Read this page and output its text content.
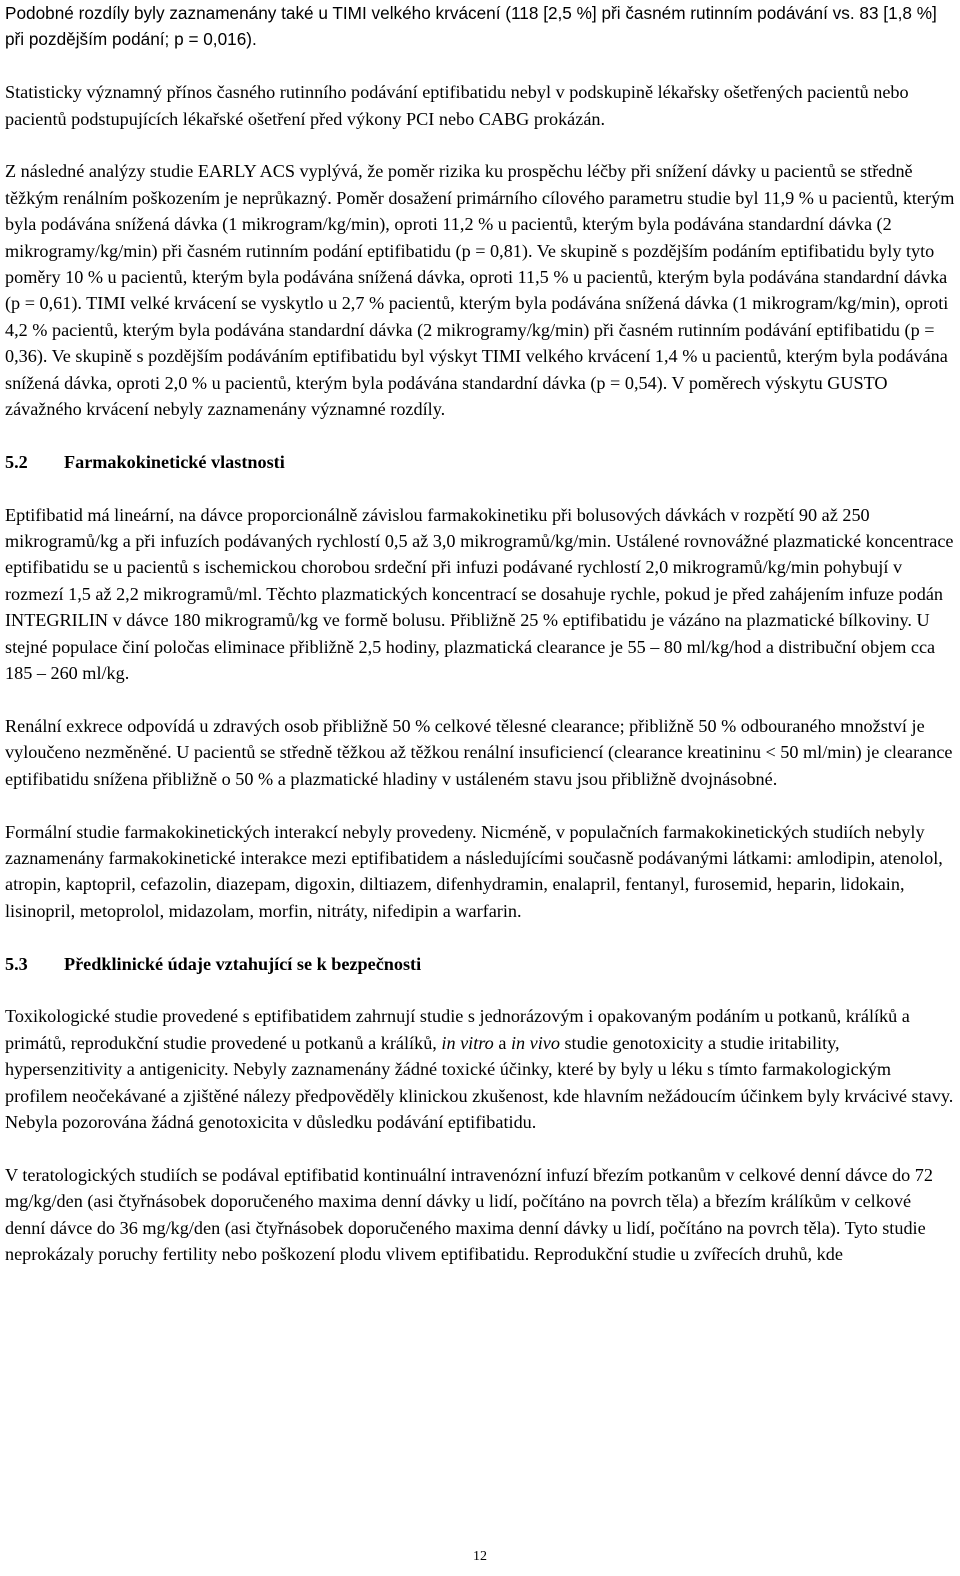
Podobné rozdíly byly zaznamenány také u TIMI velkého krvácení (118 [2,5 %] při časném rutinním podávání vs. 83 [1,8 %] při pozdějším podání; p = 0,016).

Statisticky významný přínos časného rutinního podávání eptifibatidu nebyl v podskupině lékařsky ošetřených pacientů nebo pacientů podstupujících lékařské ošetření před výkony PCI nebo CABG prokázán.

Z následné analýzy studie EARLY ACS vyplývá, že poměr rizika ku prospěchu léčby při snížení dávky u pacientů se středně těžkým renálním poškozením je neprůkazný. Poměr dosažení primárního cílového parametru studie byl 11,9 % u pacientů, kterým byla podávána snížená dávka (1 mikrogram/kg/min), oproti 11,2 % u pacientů, kterým byla podávána standardní dávka (2 mikrogramy/kg/min) při časném rutinním podání eptifibatidu (p = 0,81). Ve skupině s pozdějším podáním eptifibatidu byly tyto poměry 10 % u pacientů, kterým byla podávána snížená dávka, oproti 11,5 % u pacientů, kterým byla podávána standardní dávka (p = 0,61). TIMI velké krvácení se vyskytlo u 2,7 % pacientů, kterým byla podávána snížená dávka (1 mikrogram/kg/min), oproti 4,2 % pacientů, kterým byla podávána standardní dávka (2 mikrogramy/kg/min) při časném rutinním podávání eptifibatidu (p = 0,36). Ve skupině s pozdějším podáváním eptifibatidu byl výskyt TIMI velkého krvácení 1,4 % u pacientů, kterým byla podávána snížená dávka, oproti 2,0 % u pacientů, kterým byla podávána standardní dávka (p = 0,54). V poměrech výskytu GUSTO závažného krvácení nebyly zaznamenány významné rozdíly.

5.2 Farmakokinetické vlastnosti

Eptifibatid má lineární, na dávce proporcionálně závislou farmakokinetiku při bolusových dávkách v rozpětí 90 až 250 mikrogramů/kg a při infuzích podávaných rychlostí 0,5 až 3,0 mikrogramů/kg/min. Ustálené rovnovážné plazmatické koncentrace eptifibatidu se u pacientů s ischemickou chorobou srdeční při infuzi podávané rychlostí 2,0 mikrogramů/kg/min pohybují v rozmezí 1,5 až 2,2 mikrogramů/ml. Těchto plazmatických koncentrací se dosahuje rychle, pokud je před zahájením infuze podán INTEGRILIN v dávce 180 mikrogramů/kg ve formě bolusu. Přibližně 25 % eptifibatidu je vázáno na plazmatické bílkoviny. U stejné populace činí poločas eliminace přibližně 2,5 hodiny, plazmatická clearance je 55 – 80 ml/kg/hod a distribuční objem cca 185 – 260 ml/kg.

Renální exkrece odpovídá u zdravých osob přibližně 50 % celkové tělesné clearance; přibližně 50 % odbouraného množství je vyloučeno nezměněné. U pacientů se středně těžkou až těžkou renální insuficiencí (clearance kreatininu < 50 ml/min) je clearance eptifibatidu snížena přibližně o 50 % a plazmatické hladiny v ustáleném stavu jsou přibližně dvojnásobné.

Formální studie farmakokinetických interakcí nebyly provedeny. Nicméně, v populačních farmakokinetických studiích nebyly zaznamenány farmakokinetické interakce mezi eptifibatidem a následujícími současně podávanými látkami: amlodipin, atenolol, atropin, kaptopril, cefazolin, diazepam, digoxin, diltiazem, difenhydramin, enalapril, fentanyl, furosemid, heparin, lidokain, lisinopril, metoprolol, midazolam, morfin, nitráty, nifedipin a warfarin.

5.3 Předklinické údaje vztahující se k bezpečnosti

Toxikologické studie provedené s eptifibatidem zahrnují studie s jednorázovým i opakovaným podáním u potkanů, králíků a primátů, reprodukční studie provedené u potkanů a králíků, in vitro a in vivo studie genotoxicity a studie iritability, hypersenzitivity a antigenicity. Nebyly zaznamenány žádné toxické účinky, které by byly u léku s tímto farmakologickým profilem neočekávané a zjištěné nálezy předpověděly klinickou zkušenost, kde hlavním nežádoucím účinkem byly krvácivé stavy. Nebyla pozorována žádná genotoxicita v důsledku podávání eptifibatidu.

V teratologických studiích se podával eptifibatid kontinuální intravenózní infuzí březím potkanům v celkové denní dávce do 72 mg/kg/den (asi čtyřnásobek doporučeného maxima denní dávky u lidí, počítáno na povrch těla) a březím králíkům v celkové denní dávce do 36 mg/kg/den (asi čtyřnásobek doporučeného maxima denní dávky u lidí, počítáno na povrch těla). Tyto studie neprokázaly poruchy fertility nebo poškození plodu vlivem eptifibatidu. Reprodukční studie u zvířecích druhů, kde

12
